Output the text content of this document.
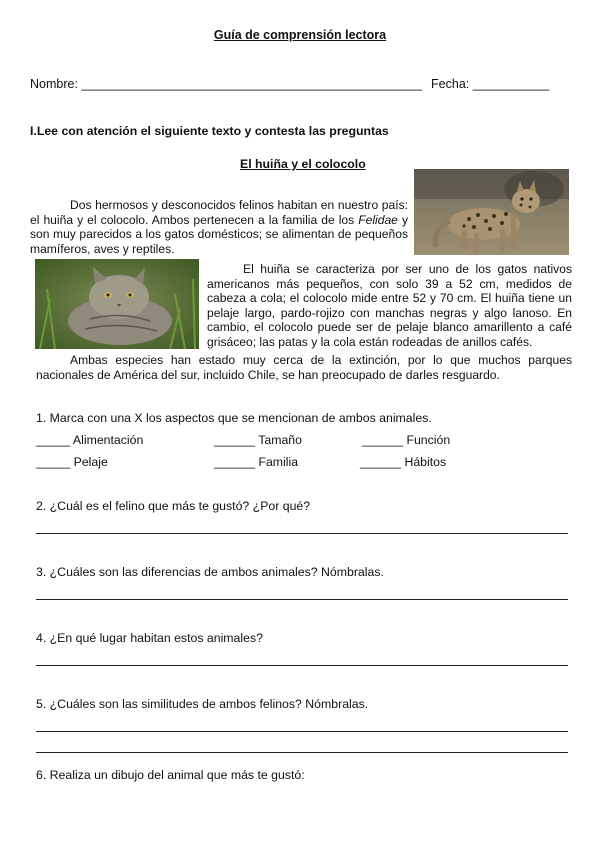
Guía de comprensión lectora
Nombre: _________________________________________________ Fecha: ___________
I.Lee con atención el siguiente texto y contesta las preguntas
El huiña y el colocolo
Dos hermosos y desconocidos felinos habitan en nuestro país: el huiña y el colocolo. Ambos pertenecen a la familia de los Felidae y son muy parecidos a los gatos domésticos; se alimentan de pequeños mamíferos, aves y reptiles.
El huiña se caracteriza por ser uno de los gatos nativos americanos más pequeños, con solo 39 a 52 cm, medidos de cabeza a cola; el colocolo mide entre 52 y 70 cm. El huiña tiene un pelaje largo, pardo-rojizo con manchas negras y algo lanoso. En cambio, el colocolo puede ser de pelaje blanco amarillento a café grisáceo; las patas y la cola están rodeadas de anillos cafés.
Ambas especies han estado muy cerca de la extinción, por lo que muchos parques nacionales de América del sur, incluido Chile, se han preocupado de darles resguardo.
1. Marca con una X los aspectos que se mencionan de ambos animales.
_____ Alimentación	______ Tamaño	______ Función
_____ Pelaje	______ Familia	______ Hábitos
2. ¿Cuál es el felino que más te gustó? ¿Por qué?
3. ¿Cuáles son las diferencias de ambos animales? Nómbralas.
4. ¿En qué lugar habitan estos animales?
5. ¿Cuáles son las similitudes de ambos felinos? Nómbralas.
6. Realiza un dibujo del animal que más te gustó:
